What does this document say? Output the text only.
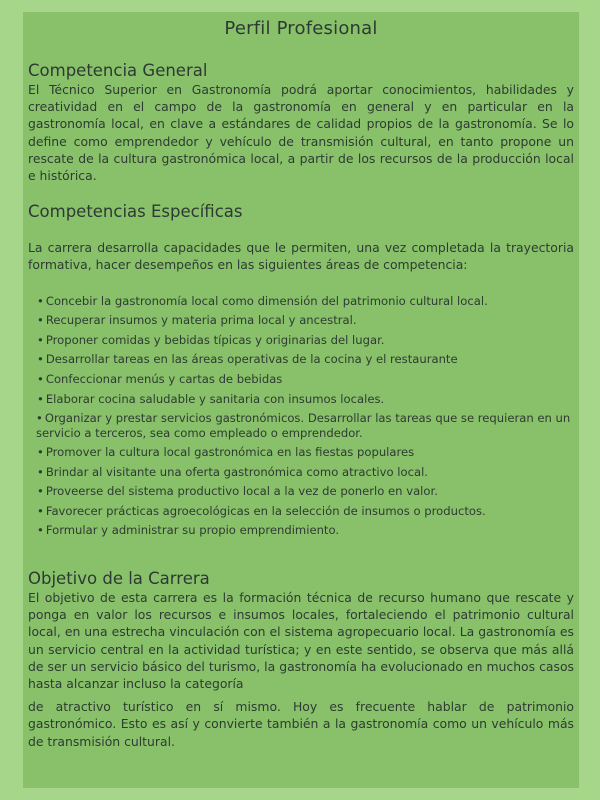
Perfil Profesional
Competencia General

El Técnico Superior en Gastronomía podrá aportar conocimientos, habilidades y creatividad en el campo de la gastronomía en general y en particular en la gastronomía local, en clave a estándares de calidad propios de la gastronomía. Se lo define como emprendedor y vehículo de transmisión cultural, en tanto propone un rescate de la cultura gastronómica local, a partir de los recursos de la producción local e histórica.

Competencias Específicas

La carrera desarrolla capacidades que le permiten, una vez completada la trayectoria formativa, hacer desempeños en las siguientes áreas de competencia:

• Concebir la gastronomía local como dimensión del patrimonio cultural local.
• Recuperar insumos y materia prima local y ancestral.
• Proponer comidas y bebidas típicas y originarias del lugar.
• Desarrollar tareas en las áreas operativas de la cocina y el restaurante
• Confeccionar menús y cartas de bebidas
• Elaborar cocina saludable y sanitaria con insumos locales.
• Organizar y prestar servicios gastronómicos. Desarrollar las tareas que se requieran en un servicio a terceros, sea como empleado o emprendedor.
• Promover la cultura local gastronómica en las fiestas populares
• Brindar al visitante una oferta gastronómica como atractivo local.
• Proveerse del sistema productivo local a la vez de ponerlo en valor.
• Favorecer prácticas agroecológicas en la selección de insumos o productos.
• Formular y administrar su propio emprendimiento.
Objetivo de la Carrera

El objetivo de esta carrera es la formación técnica de recurso humano que rescate y ponga en valor los recursos e insumos locales, fortaleciendo el patrimonio cultural local, en una estrecha vinculación con el sistema agropecuario local. La gastronomía es un servicio central en la actividad turística; y en este sentido, se observa que más allá de ser un servicio básico del turismo, la gastronomía ha evolucionado en muchos casos hasta alcanzar incluso la categoría

de atractivo turístico en sí mismo. Hoy es frecuente hablar de patrimonio gastronómico. Esto es así y convierte también a la gastronomía como un vehículo más de transmisión cultural.
